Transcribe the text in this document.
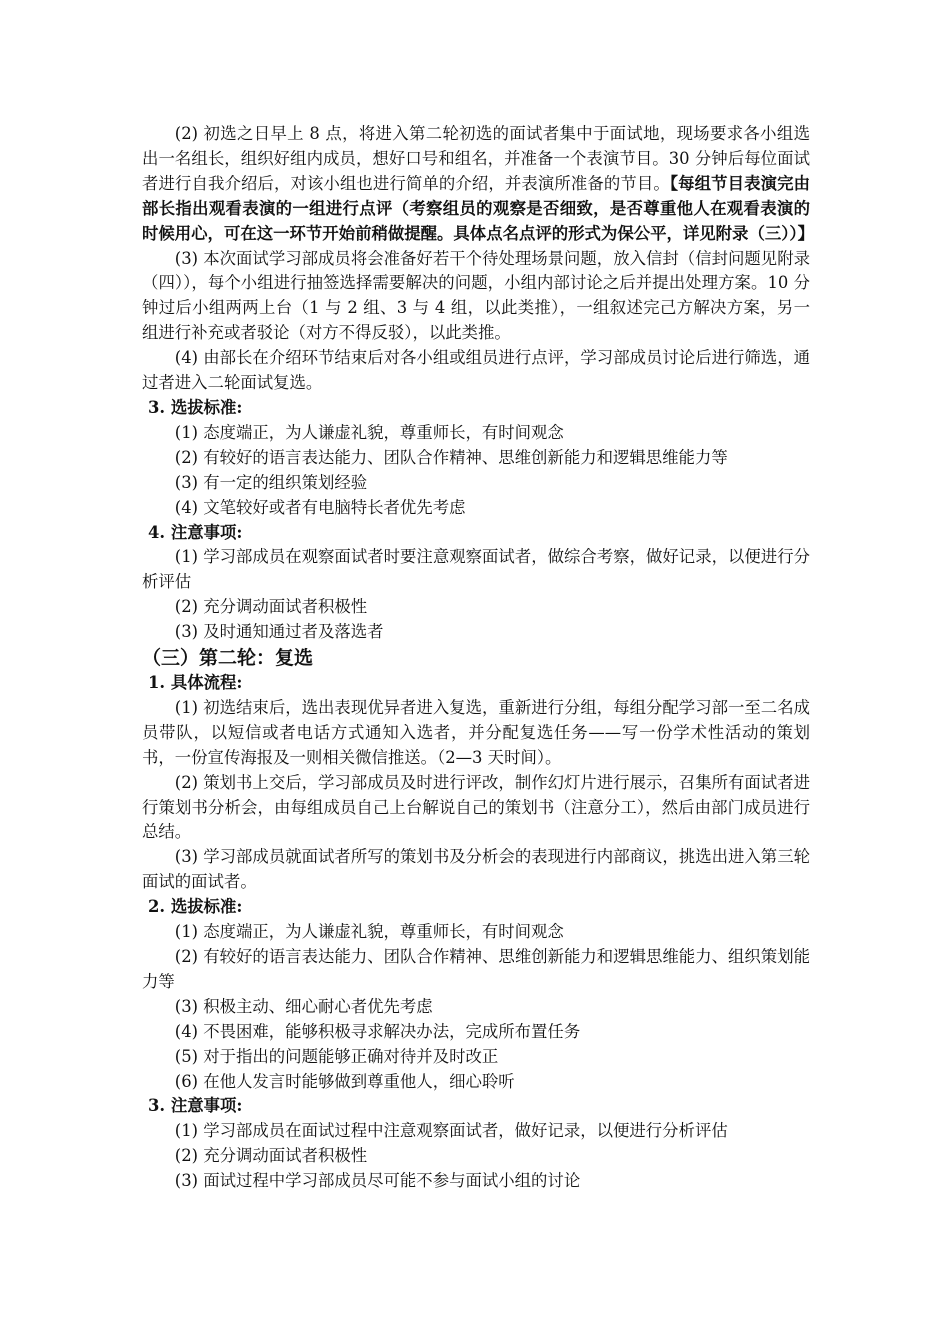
(2) 初选之日早上 8 点，将进入第二轮初选的面试者集中于面试地，现场要求各小组选出一名组长，组织好组内成员，想好口号和组名，并准备一个表演节目。30 分钟后每位面试者进行自我介绍后，对该小组也进行简单的介绍，并表演所准备的节目。【每组节目表演完由部长指出观看表演的一组进行点评（考察组员的观察是否细致，是否尊重他人在观看表演的时候用心，可在这一环节开始前稍做提醒。具体点名点评的形式为保公平，详见附录（三））】

(3) 本次面试学习部成员将会准备好若干个待处理场景问题，放入信封（信封问题见附录（四）），每个小组进行抽签选择需要解决的问题，小组内部讨论之后并提出处理方案。10 分钟过后小组两两上台（1 与 2 组、3 与 4 组，以此类推），一组叙述完己方解决方案，另一组进行补充或者驳论（对方不得反驳），以此类推。

(4) 由部长在介绍环节结束后对各小组或组员进行点评，学习部成员讨论后进行筛选，通过者进入二轮面试复选。

3. 选拔标准:

(1) 态度端正，为人谦虚礼貌，尊重师长，有时间观念

(2) 有较好的语言表达能力、团队合作精神、思维创新能力和逻辑思维能力等

(3) 有一定的组织策划经验

(4) 文笔较好或者有电脑特长者优先考虑

4. 注意事项:

(1) 学习部成员在观察面试者时要注意观察面试者，做综合考察，做好记录，以便进行分析评估

(2) 充分调动面试者积极性

(3) 及时通知通过者及落选者

（三）第二轮：复选

1. 具体流程:

(1) 初选结束后，选出表现优异者进入复选，重新进行分组，每组分配学习部一至二名成员带队，以短信或者电话方式通知入选者，并分配复选任务——写一份学术性活动的策划书，一份宣传海报及一则相关微信推送。（2—3 天时间）。

(2) 策划书上交后，学习部成员及时进行评改，制作幻灯片进行展示，召集所有面试者进行策划书分析会，由每组成员自己上台解说自己的策划书（注意分工），然后由部门成员进行总结。

(3) 学习部成员就面试者所写的策划书及分析会的表现进行内部商议，挑选出进入第三轮面试的面试者。

2. 选拔标准:

(1) 态度端正，为人谦虚礼貌，尊重师长，有时间观念

(2) 有较好的语言表达能力、团队合作精神、思维创新能力和逻辑思维能力、组织策划能力等

(3) 积极主动、细心耐心者优先考虑

(4) 不畏困难，能够积极寻求解决办法，完成所布置任务

(5) 对于指出的问题能够正确对待并及时改正

(6) 在他人发言时能够做到尊重他人，细心聆听

3. 注意事项:

(1) 学习部成员在面试过程中注意观察面试者，做好记录，以便进行分析评估

(2) 充分调动面试者积极性

(3) 面试过程中学习部成员尽可能不参与面试小组的讨论
